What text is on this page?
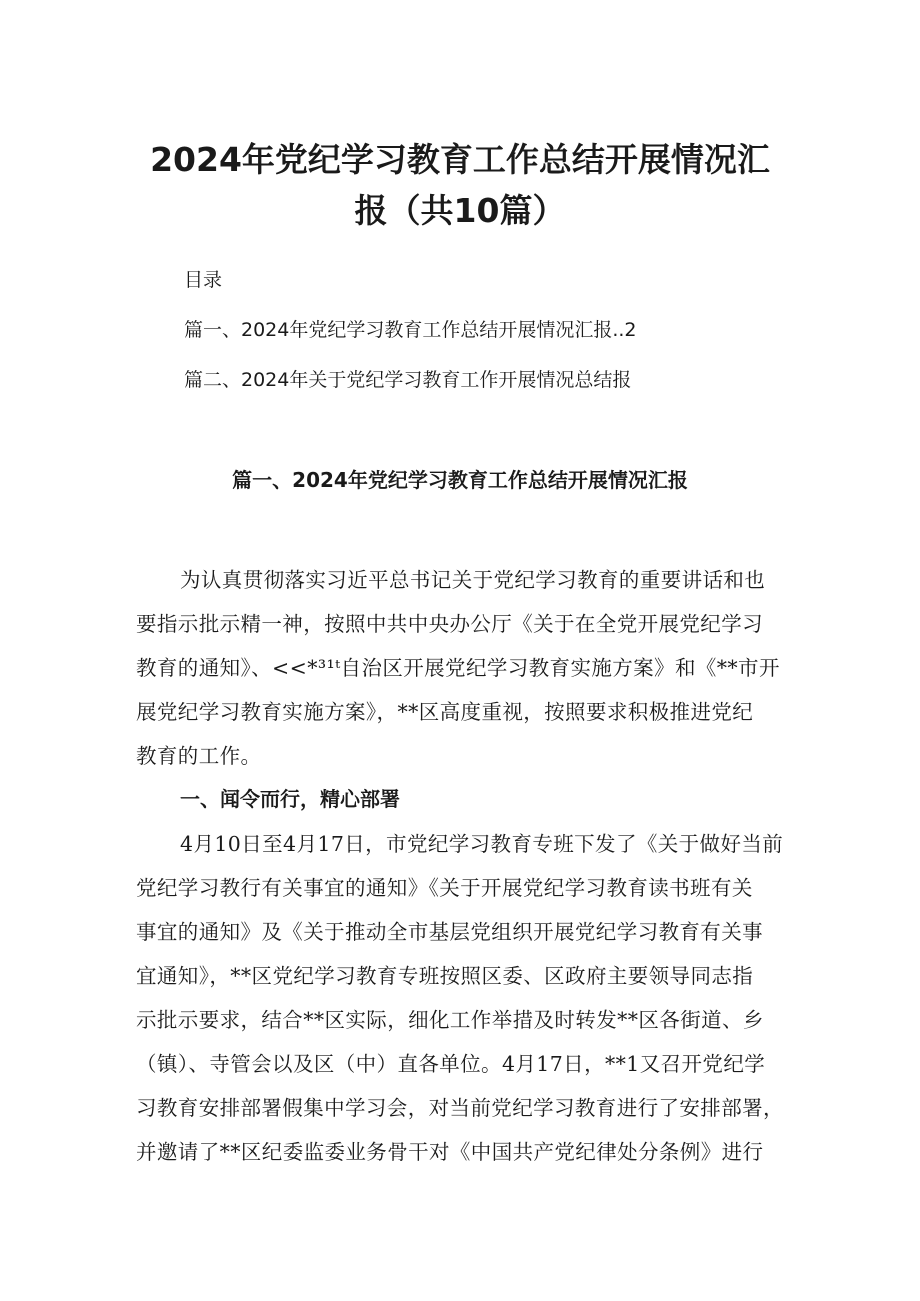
2024年党纪学习教育工作总结开展情况汇
报（共10篇）
目录
篇一、2024年党纪学习教育工作总结开展情况汇报..2
篇二、2024年关于党纪学习教育工作开展情况总结报
篇一、2024年党纪学习教育工作总结开展情况汇报
为认真贯彻落实习近平总书记关于党纪学习教育的重要讲话和也
要指示批示精一神，按照中共中央办公厅《关于在全党开展党纪学习
教育的通知》、<<*³¹ᵗ自治区开展党纪学习教育实施方案》和《**市开
展党纪学习教育实施方案》，**区高度重视，按照要求积极推进党纪
教育的工作。
一、闻令而行，精心部署
4月10日至4月17日，市党纪学习教育专班下发了《关于做好当前
党纪学习教行有关事宜的通知》《关于开展党纪学习教育读书班有关
事宜的通知》及《关于推动全市基层党组织开展党纪学习教育有关事
宜通知》，**区党纪学习教育专班按照区委、区政府主要领导同志指
示批示要求，结合**区实际，细化工作举措及时转发**区各街道、乡
（镇）、寺管会以及区（中）直各单位。4月17日，**1又召开党纪学
习教育安排部署假集中学习会，对当前党纪学习教育进行了安排部署，
并邀请了**区纪委监委业务骨干对《中国共产党纪律处分条例》进行
